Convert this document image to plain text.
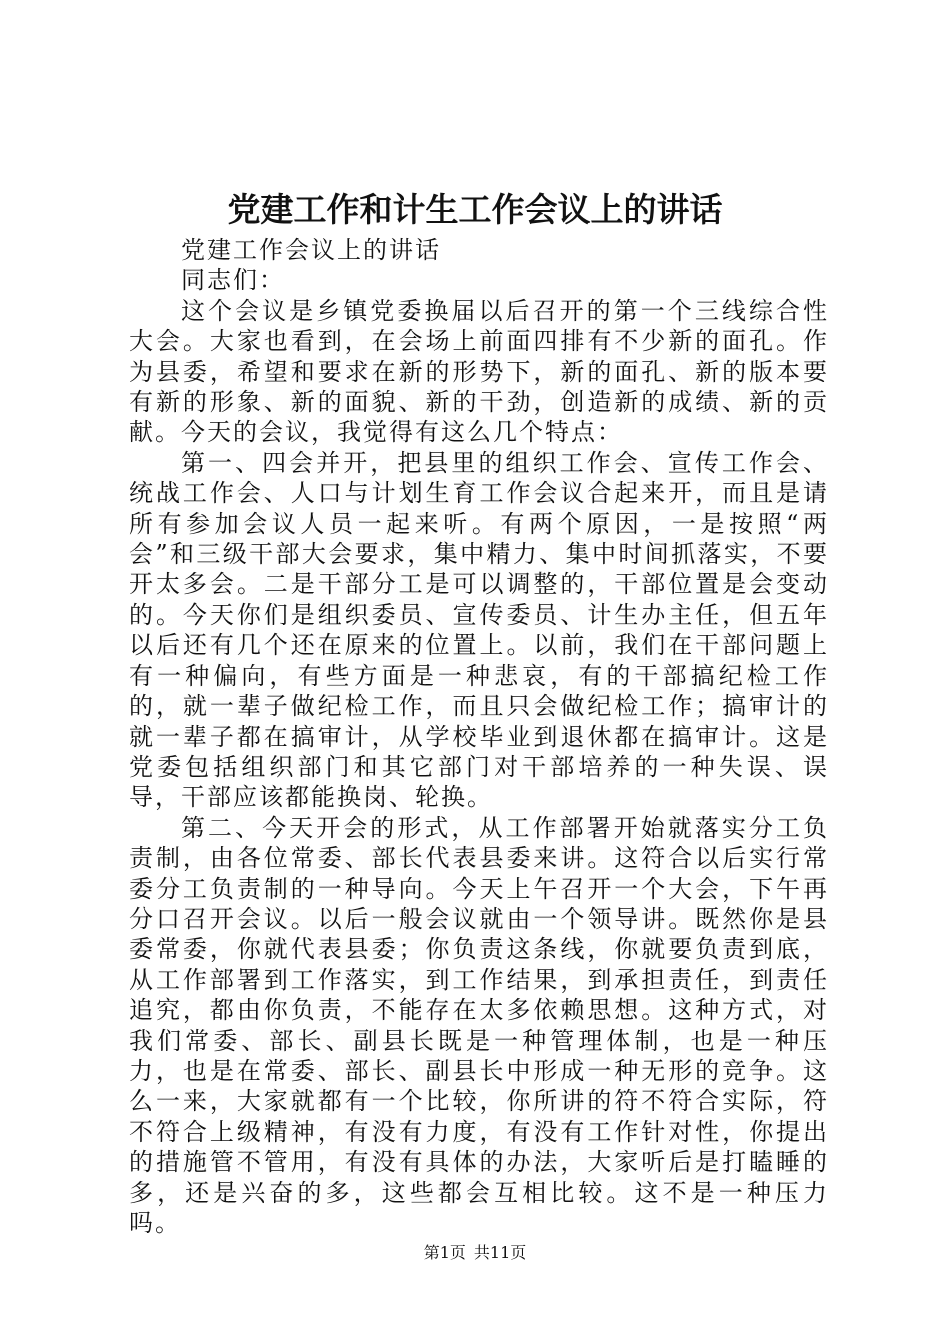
党建工作和计生工作会议上的讲话

党建工作会议上的讲话

同志们：

这个会议是乡镇党委换届以后召开的第一个三线综合性大会。大家也看到，在会场上前面四排有不少新的面孔。作为县委，希望和要求在新的形势下，新的面孔、新的版本要有新的形象、新的面貌、新的干劲，创造新的成绩、新的贡献。今天的会议，我觉得有这么几个特点：

第一、四会并开，把县里的组织工作会、宣传工作会、统战工作会、人口与计划生育工作会议合起来开，而且是请所有参加会议人员一起来听。有两个原因，一是按照“两会”和三级干部大会要求，集中精力、集中时间抓落实，不要开太多会。二是干部分工是可以调整的，干部位置是会变动的。今天你们是组织委员、宣传委员、计生办主任，但五年以后还有几个还在原来的位置上。以前，我们在干部问题上有一种偏向，有些方面是一种悲哀，有的干部搞纪检工作的，就一辈子做纪检工作，而且只会做纪检工作；搞审计的就一辈子都在搞审计，从学校毕业到退休都在搞审计。这是党委包括组织部门和其它部门对干部培养的一种失误、误导，干部应该都能换岗、轮换。

第二、今天开会的形式，从工作部署开始就落实分工负责制，由各位常委、部长代表县委来讲。这符合以后实行常委分工负责制的一种导向。今天上午召开一个大会，下午再分口召开会议。以后一般会议就由一个领导讲。既然你是县委常委，你就代表县委；你负责这条线，你就要负责到底，从工作部署到工作落实，到工作结果，到承担责任，到责任追究，都由你负责，不能存在太多依赖思想。这种方式，对我们常委、部长、副县长既是一种管理体制，也是一种压力，也是在常委、部长、副县长中形成一种无形的竞争。这么一来，大家就都有一个比较，你所讲的符不符合实际，符不符合上级精神，有没有力度，有没有工作针对性，你提出的措施管不管用，有没有具体的办法，大家听后是打瞌睡的多，还是兴奋的多，这些都会互相比较。这不是一种压力吗。

第1页 共11页
